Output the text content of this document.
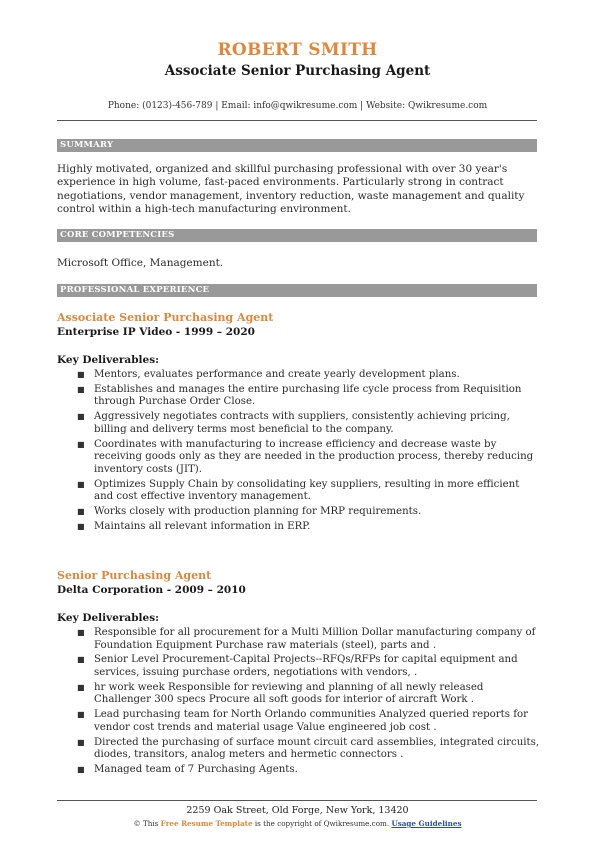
ROBERT SMITH
Associate Senior Purchasing Agent
Phone: (0123)-456-789 | Email: info@qwikresume.com | Website: Qwikresume.com
SUMMARY
Highly motivated, organized and skillful purchasing professional with over 30 year's experience in high volume, fast-paced environments. Particularly strong in contract negotiations, vendor management, inventory reduction, waste management and quality control within a high-tech manufacturing environment.
CORE COMPETENCIES
Microsoft Office, Management.
PROFESSIONAL EXPERIENCE
Associate Senior Purchasing Agent
Enterprise IP Video - 1999 – 2020
Key Deliverables:
■ Mentors, evaluates performance and create yearly development plans.
■ Establishes and manages the entire purchasing life cycle process from Requisition through Purchase Order Close.
■ Aggressively negotiates contracts with suppliers, consistently achieving pricing, billing and delivery terms most beneficial to the company.
■ Coordinates with manufacturing to increase efficiency and decrease waste by receiving goods only as they are needed in the production process, thereby reducing inventory costs (JIT).
■ Optimizes Supply Chain by consolidating key suppliers, resulting in more efficient and cost effective inventory management.
■ Works closely with production planning for MRP requirements.
■ Maintains all relevant information in ERP.
Senior Purchasing Agent
Delta Corporation - 2009 – 2010
Key Deliverables:
■ Responsible for all procurement for a Multi Million Dollar manufacturing company of Foundation Equipment Purchase raw materials (steel), parts and .
■ Senior Level Procurement-Capital Projects--RFQs/RFPs for capital equipment and services, issuing purchase orders, negotiations with vendors, .
■ hr work week Responsible for reviewing and planning of all newly released Challenger 300 specs Procure all soft goods for interior of aircraft Work .
■ Lead purchasing team for North Orlando communities Analyzed queried reports for vendor cost trends and material usage Value engineered job cost .
■ Directed the purchasing of surface mount circuit card assemblies, integrated circuits, diodes, transitors, analog meters and hermetic connectors .
■ Managed team of 7 Purchasing Agents.
2259 Oak Street, Old Forge, New York, 13420
© This Free Resume Template is the copyright of Qwikresume.com. Usage Guidelines
